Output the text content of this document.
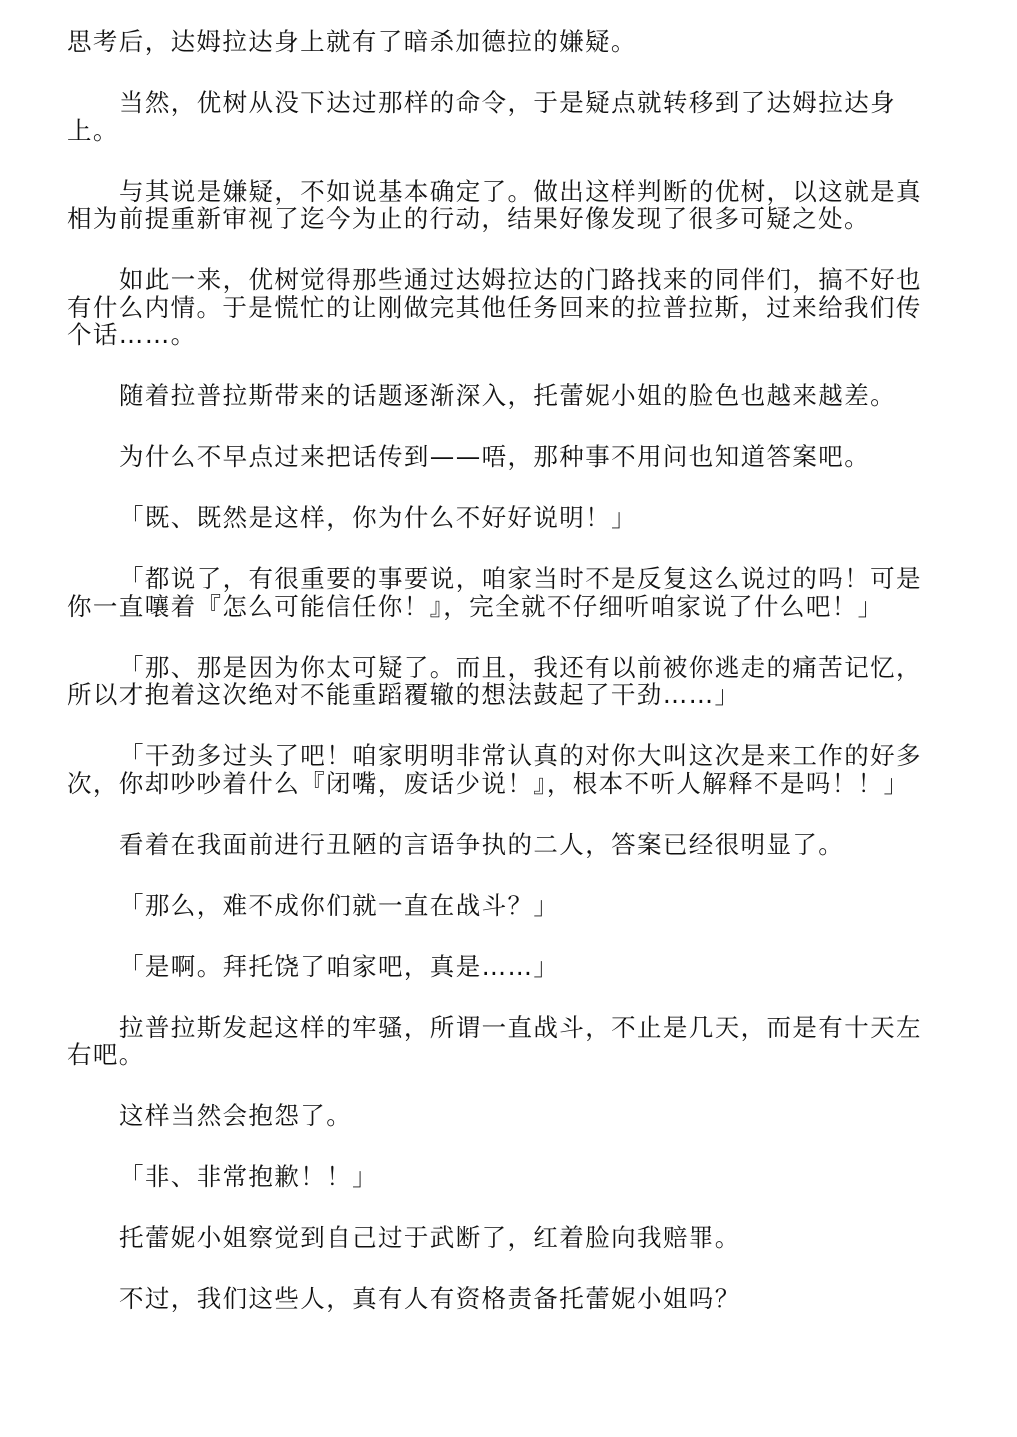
思考后，达姆拉达身上就有了暗杀加德拉的嫌疑。

当然，优树从没下达过那样的命令，于是疑点就转移到了达姆拉达身上。

与其说是嫌疑，不如说基本确定了。做出这样判断的优树，以这就是真相为前提重新审视了迄今为止的行动，结果好像发现了很多可疑之处。

如此一来，优树觉得那些通过达姆拉达的门路找来的同伴们，搞不好也有什么内情。于是慌忙的让刚做完其他任务回来的拉普拉斯，过来给我们传个话……。

随着拉普拉斯带来的话题逐渐深入，托蕾妮小姐的脸色也越来越差。

为什么不早点过来把话传到——唔，那种事不用问也知道答案吧。

「既、既然是这样，你为什么不好好说明！」

「都说了，有很重要的事要说，咱家当时不是反复这么说过的吗！可是你一直嚷着『怎么可能信任你！』，完全就不仔细听咱家说了什么吧！」

「那、那是因为你太可疑了。而且，我还有以前被你逃走的痛苦记忆，所以才抱着这次绝对不能重蹈覆辙的想法鼓起了干劲……」

「干劲多过头了吧！咱家明明非常认真的对你大叫这次是来工作的好多次，你却吵吵着什么『闭嘴，废话少说！』，根本不听人解释不是吗！！」

看着在我面前进行丑陋的言语争执的二人，答案已经很明显了。

「那么，难不成你们就一直在战斗？」

「是啊。拜托饶了咱家吧，真是……」

拉普拉斯发起这样的牢骚，所谓一直战斗，不止是几天，而是有十天左右吧。

这样当然会抱怨了。

「非、非常抱歉！！」

托蕾妮小姐察觉到自己过于武断了，红着脸向我赔罪。

不过，我们这些人，真有人有资格责备托蕾妮小姐吗？
